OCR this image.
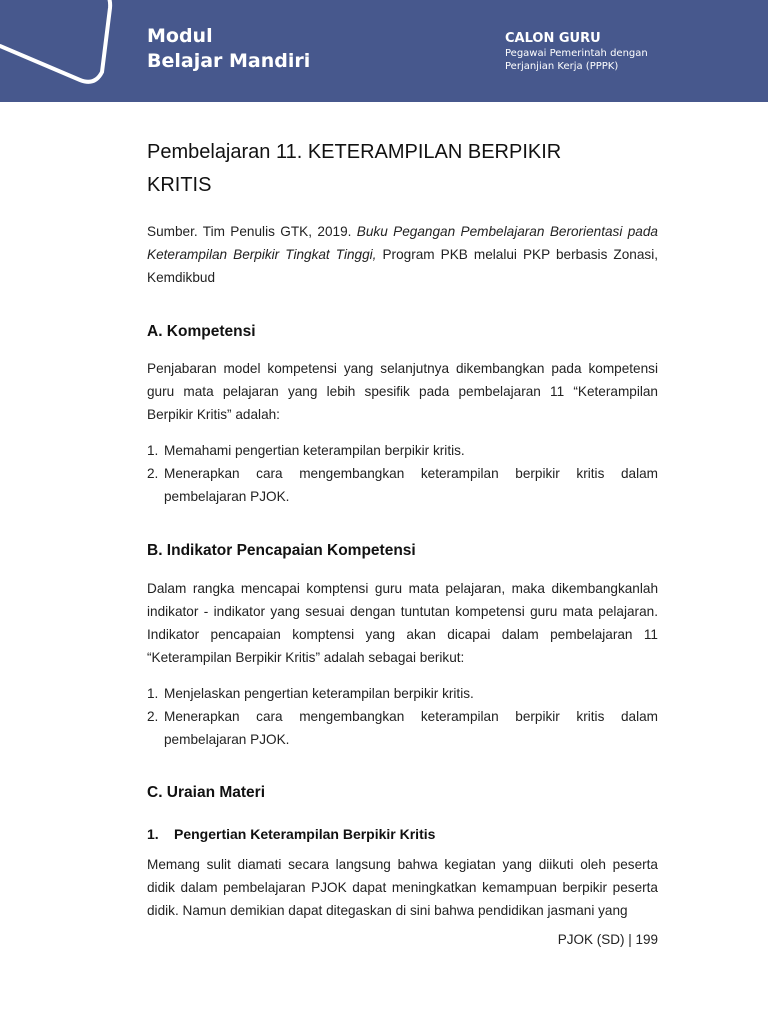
Modul
Belajar Mandiri
CALON GURU
Pegawai Pemerintah dengan
Perjanjian Kerja (PPPK)
Pembelajaran 11. KETERAMPILAN BERPIKIR
KRITIS
Sumber. Tim Penulis GTK, 2019. Buku Pegangan Pembelajaran Berorientasi pada Keterampilan Berpikir Tingkat Tinggi, Program PKB melalui PKP berbasis Zonasi, Kemdikbud
A. Kompetensi
Penjabaran model kompetensi yang selanjutnya dikembangkan pada kompetensi guru mata pelajaran yang lebih spesifik pada pembelajaran 11 “Keterampilan Berpikir Kritis” adalah:
1. Memahami pengertian keterampilan berpikir kritis.
2. Menerapkan cara mengembangkan keterampilan berpikir kritis dalam pembelajaran PJOK.
B. Indikator Pencapaian Kompetensi
Dalam rangka mencapai komptensi guru mata pelajaran, maka dikembangkanlah indikator - indikator yang sesuai dengan tuntutan kompetensi guru mata pelajaran. Indikator pencapaian komptensi yang akan dicapai dalam pembelajaran 11 “Keterampilan Berpikir Kritis” adalah sebagai berikut:
1. Menjelaskan pengertian keterampilan berpikir kritis.
2. Menerapkan cara mengembangkan keterampilan berpikir kritis dalam pembelajaran PJOK.
C. Uraian Materi
1. Pengertian Keterampilan Berpikir Kritis
Memang sulit diamati secara langsung bahwa kegiatan yang diikuti oleh peserta didik dalam pembelajaran PJOK dapat meningkatkan kemampuan berpikir peserta didik. Namun demikian dapat ditegaskan di sini bahwa pendidikan jasmani yang
PJOK (SD) | 199
